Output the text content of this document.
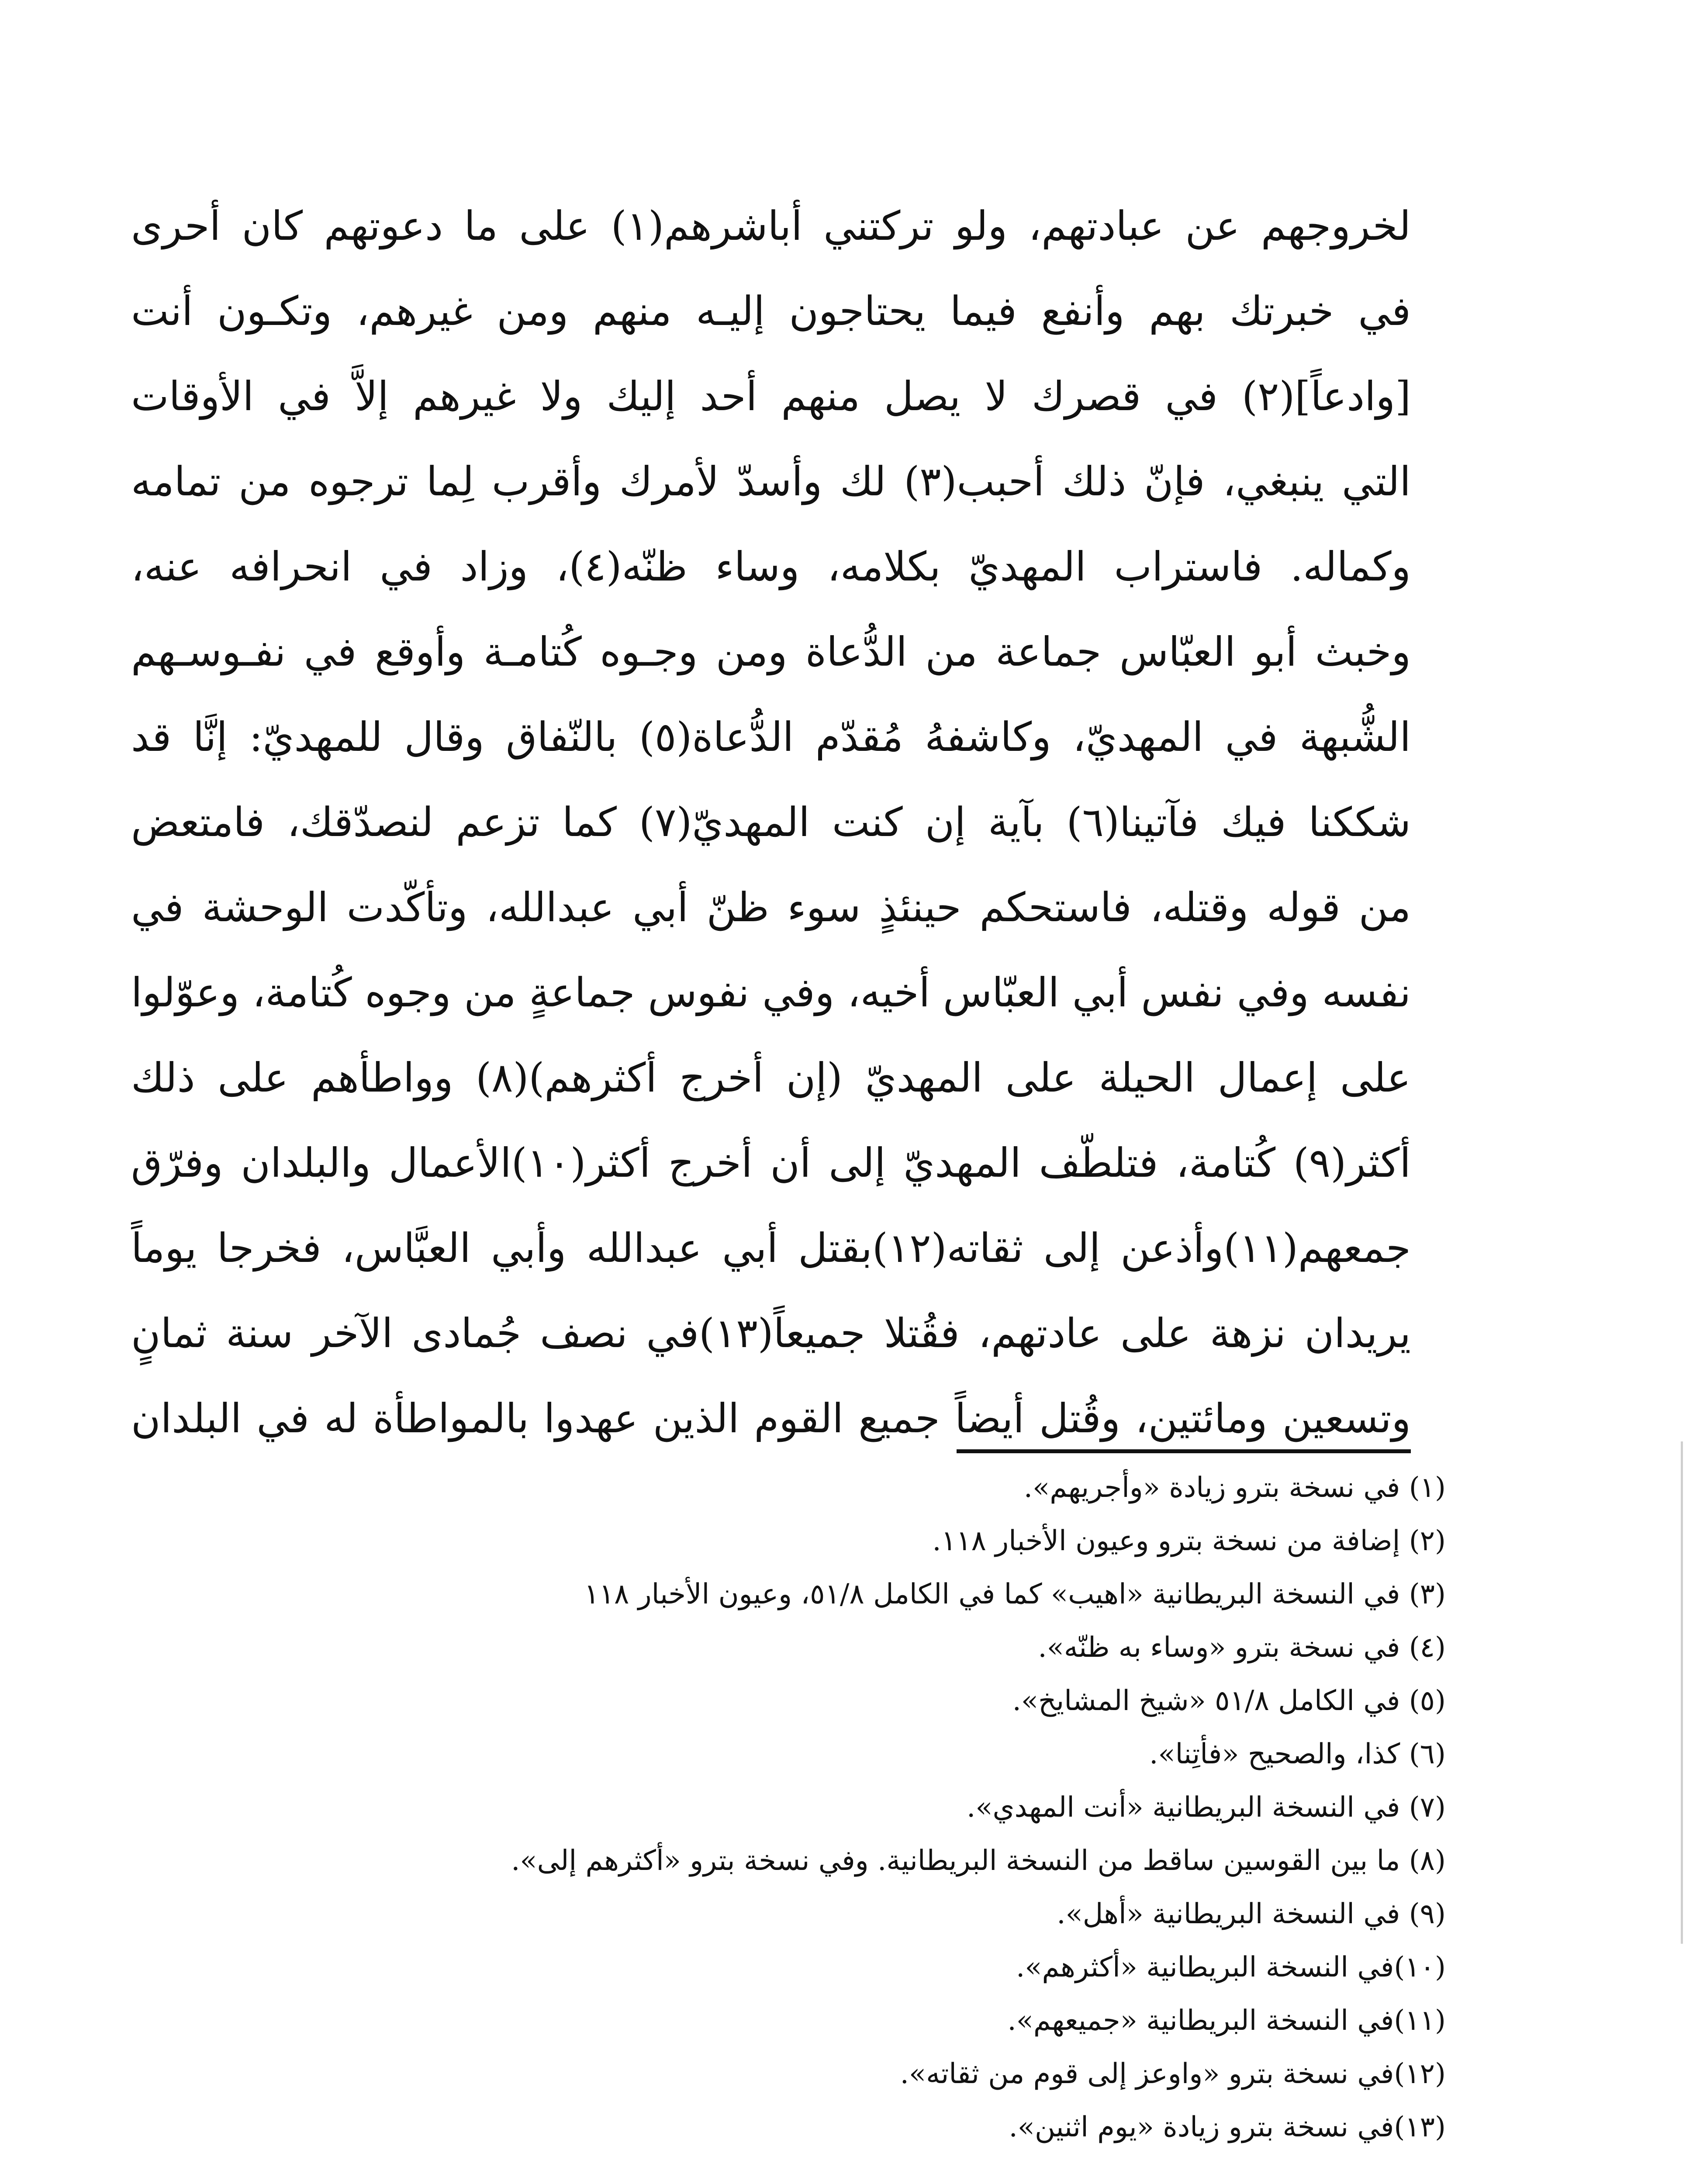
لخروجهم عن عبادتهم، ولو تركتني أباشرهم(١) على ما دعوتهم كان أحرى
في خبرتك بهم وأنفع فيما يحتاجون إليـه منهم ومن غيرهم، وتكـون أنت
[وادعاً](٢) في قصرك لا يصل منهم أحد إليك ولا غيرهم إلاَّ في الأوقات
التي ينبغي، فإنّ ذلك أحبب(٣) لك وأسدّ لأمرك وأقرب لِما ترجوه من تمامه
وكماله. فاستراب المهديّ بكلامه، وساء ظنّه(٤)، وزاد في انحرافه عنه،
وخبث أبو العبّاس جماعة من الدُّعاة ومن وجـوه كُتامـة وأوقع في نفـوسـهم
الشُّبهة في المهديّ، وكاشفهُ مُقدّم الدُّعاة(٥) بالنّفاق وقال للمهديّ: إنَّا قد
شككنا فيك فآتينا(٦) بآية إن كنت المهديّ(٧) كما تزعم لنصدّقك، فامتعض
من قوله وقتله، فاستحكم حينئذٍ سوء ظنّ أبي عبدالله، وتأكّدت الوحشة في
نفسه وفي نفس أبي العبّاس أخيه، وفي نفوس جماعةٍ من وجوه كُتامة، وعوّلوا
على إعمال الحيلة على المهديّ (إن أخرج أكثرهم)(٨) وواطأهم على ذلك
أكثر(٩) كُتامة، فتلطّف المهديّ إلى أن أخرج أكثر(١٠)الأعمال والبلدان وفرّق
جمعهم(١١)وأذعن إلى ثقاته(١٢)بقتل أبي عبدالله وأبي العبَّاس، فخرجا يوماً
يريدان نزهة على عادتهم، فقُتلا جميعاً(١٣)في نصف جُمادى الآخر سنة ثمانٍ
وتسعين ومائتين، وقُتل أيضاً جميع القوم الذين عهدوا بالمواطأة له في البلدان
(١) في نسخة بترو زيادة «وأجريهم».
(٢) إضافة من نسخة بترو وعيون الأخبار ١١٨.
(٣) في النسخة البريطانية «اهيب» كما في الكامل ٥١/٨، وعيون الأخبار ١١٨
(٤) في نسخة بترو «وساء به ظنّه».
(٥) في الكامل ٥١/٨ «شيخ المشايخ».
(٦) كذا، والصحيح «فأتِنا».
(٧) في النسخة البريطانية «أنت المهدي».
(٨) ما بين القوسين ساقط من النسخة البريطانية. وفي نسخة بترو «أكثرهم إلى».
(٩) في النسخة البريطانية «أهل».
(١٠)في النسخة البريطانية «أكثرهم».
(١١)في النسخة البريطانية «جميعهم».
(١٢)في نسخة بترو «واوعز إلى قوم من ثقاته».
(١٣)في نسخة بترو زيادة «يوم اثنين».
